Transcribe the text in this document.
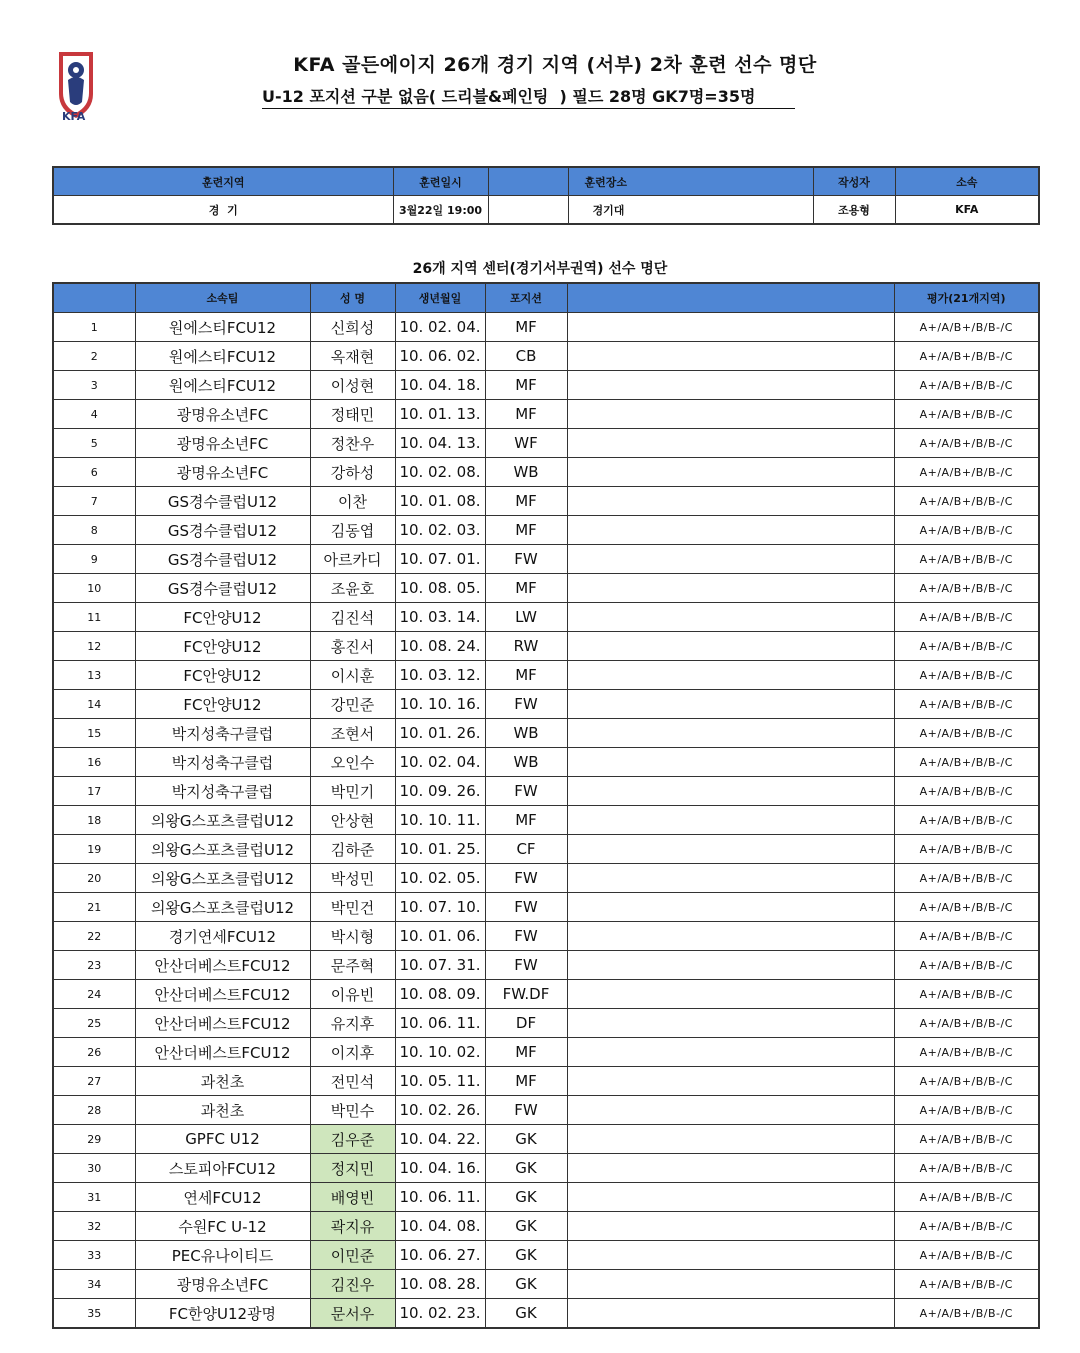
KFA
KFA 골든에이지 26개 경기 지역 (서부) 2차 훈련 선수 명단
U-12 포지션 구분 없음( 드리블&페인팅  ) 필드 28명 GK7명=35명
훈련지역	훈련일시		훈련장소	작성자	소속
경  기	3월22일 19:00		경기대	조용형	KFA
26개 지역 센터(경기서부권역) 선수 명단
	소속팀	성 명	생년월일	포지션		평가(21개지역)
1	원에스티FCU12	신희성	10. 02. 04.	MF		A+/A/B+/B/B-/C
2	원에스티FCU12	옥재현	10. 06. 02.	CB		A+/A/B+/B/B-/C
3	원에스티FCU12	이성현	10. 04. 18.	MF		A+/A/B+/B/B-/C
4	광명유소년FC	정태민	10. 01. 13.	MF		A+/A/B+/B/B-/C
5	광명유소년FC	정찬우	10. 04. 13.	WF		A+/A/B+/B/B-/C
6	광명유소년FC	강하성	10. 02. 08.	WB		A+/A/B+/B/B-/C
7	GS경수클럽U12	이찬	10. 01. 08.	MF		A+/A/B+/B/B-/C
8	GS경수클럽U12	김동엽	10. 02. 03.	MF		A+/A/B+/B/B-/C
9	GS경수클럽U12	아르카디	10. 07. 01.	FW		A+/A/B+/B/B-/C
10	GS경수클럽U12	조윤호	10. 08. 05.	MF		A+/A/B+/B/B-/C
11	FC안양U12	김진석	10. 03. 14.	LW		A+/A/B+/B/B-/C
12	FC안양U12	홍진서	10. 08. 24.	RW		A+/A/B+/B/B-/C
13	FC안양U12	이시훈	10. 03. 12.	MF		A+/A/B+/B/B-/C
14	FC안양U12	강민준	10. 10. 16.	FW		A+/A/B+/B/B-/C
15	박지성축구클럽	조현서	10. 01. 26.	WB		A+/A/B+/B/B-/C
16	박지성축구클럽	오인수	10. 02. 04.	WB		A+/A/B+/B/B-/C
17	박지성축구클럽	박민기	10. 09. 26.	FW		A+/A/B+/B/B-/C
18	의왕G스포츠클럽U12	안상현	10. 10. 11.	MF		A+/A/B+/B/B-/C
19	의왕G스포츠클럽U12	김하준	10. 01. 25.	CF		A+/A/B+/B/B-/C
20	의왕G스포츠클럽U12	박성민	10. 02. 05.	FW		A+/A/B+/B/B-/C
21	의왕G스포츠클럽U12	박민건	10. 07. 10.	FW		A+/A/B+/B/B-/C
22	경기연세FCU12	박시형	10. 01. 06.	FW		A+/A/B+/B/B-/C
23	안산더베스트FCU12	문주혁	10. 07. 31.	FW		A+/A/B+/B/B-/C
24	안산더베스트FCU12	이유빈	10. 08. 09.	FW.DF		A+/A/B+/B/B-/C
25	안산더베스트FCU12	유지후	10. 06. 11.	DF		A+/A/B+/B/B-/C
26	안산더베스트FCU12	이지후	10. 10. 02.	MF		A+/A/B+/B/B-/C
27	과천초	전민석	10. 05. 11.	MF		A+/A/B+/B/B-/C
28	과천초	박민수	10. 02. 26.	FW		A+/A/B+/B/B-/C
29	GPFC U12	김우준	10. 04. 22.	GK		A+/A/B+/B/B-/C
30	스토피아FCU12	정지민	10. 04. 16.	GK		A+/A/B+/B/B-/C
31	연세FCU12	배영빈	10. 06. 11.	GK		A+/A/B+/B/B-/C
32	수원FC U-12	곽지유	10. 04. 08.	GK		A+/A/B+/B/B-/C
33	PEC유나이티드	이민준	10. 06. 27.	GK		A+/A/B+/B/B-/C
34	광명유소년FC	김진우	10. 08. 28.	GK		A+/A/B+/B/B-/C
35	FC한양U12광명	문서우	10. 02. 23.	GK		A+/A/B+/B/B-/C
